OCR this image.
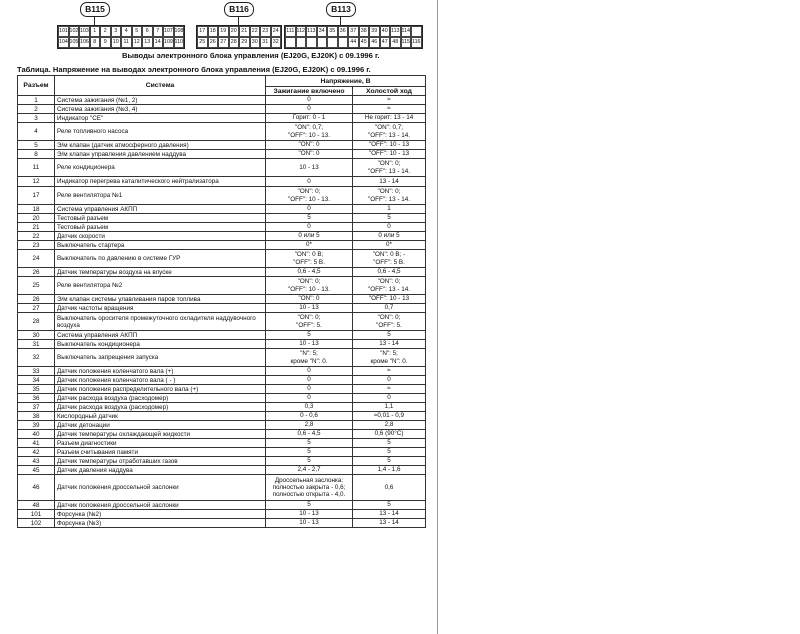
B115
101 102 103 1	2	3	4	5	6	7 107 108
104 105 106 8	9	10 11 12 13 14 109 110
B116
17 18 19 20 21 22 23 24
25 26 27 28 29 30 31 32
B113
111 112 113 34 35 36 37 38 39 40 113 114
44 45 46 47 48 115 116
Выводы электронного блока управления (EJ20G, EJ20K) с 09.1996 г.
Таблица. Напряжение на выводах электронного блока управления (EJ20G, EJ20K) с 09.1996 г.
Разъем	Система	Напряжение, В	
		Зажигание включено	Холостой ход
1	Система зажигания (№1, 2)	0	≈
2	Система зажигания (№3, 4)	0	≈
3	Индикатор "CE"	Горит: 0 - 1	Не горит: 13 - 14
4	Реле топливного насоса	"ON": 0,7;
"OFF": 10 - 13.	"ON": 0,7;
"OFF": 13 - 14.
5	Э/м клапан (датчик атмосферного давления)	"ON": 0	"OFF": 10 - 13
8	Э/м клапан управления давлением наддува	"ON": 0	"OFF": 10 - 13
11	Реле кондиционера	10 - 13	"ON": 0;
"OFF": 13 - 14.
12	Индикатор перегрева каталитического нейтрализатора	0	13 - 14
17	Реле вентилятора №1	"ON": 0;
"OFF": 10 - 13.	"ON": 0;
"OFF": 13 - 14.
18	Система управления АКПП	0	1
20	Тестовый разъем	5	5
21	Тестовый разъем	0	0
22	Датчик скорости	0 или 5	0 или 5
23	Выключатель стартера	0*	0*
24	Выключатель по давлению в системе ГУР	"ON": 0 В;
"OFF": 5 В.	"ON": 0 В; -
"OFF": 5 В.
26	Датчик температуры воздуха на впуске	0,6 - 4,5	0,6 - 4,5
25	Реле вентилятора №2	"ON": 0;
"OFF": 10 - 13.	"ON": 0;
"OFF": 13 - 14.
26	Э/м клапан системы улавливания паров топлива	"ON": 0	"OFF": 10 - 13
27	Датчик частоты вращения	10 - 13	0,7
28	Выключатель оросителя промежуточного охладителя наддувочного воздуха	"ON": 0;
"OFF": 5.	"ON": 0;
"OFF": 5.
30	Система управления АКПП	5	5
31	Выключатель кондиционера	10 - 13	13 - 14
32	Выключатель запрещения запуска	"N": 5;
кроме "N": 0.	"N": 5;
кроме "N": 0.
33	Датчик положения коленчатого вала (+)	0	≈
34	Датчик положения коленчатого вала ( - )	0	0
35	Датчик положения распределительного вала (+)	0	≈
36	Датчик расхода воздуха (расходомер)	0	0
37	Датчик расхода воздуха (расходомер)	0,3	1,1
38	Кислородный датчик	0 - 0,6	≈0,01 - 0,9
39	Датчик детонации	2,8	2,8
40	Датчик температуры охлаждающей жидкости	0,6 - 4,5	0,6 (90°C)
41	Разъем диагностики	5	5
42	Разъем считывания памяти	5	5
43	Датчик температуры отработавших газов	5	5
45	Датчик давления наддува	2,4 - 2,7	1,4 - 1,6
46	Датчик положения дроссельной заслонки	Дроссельная заслонка:
полностью закрыта - 0,6;
полностью открыта - 4,0.	0,6
48	Датчик положения дроссельной заслонки	5	5
101	Форсунка (№2)	10 - 13	13 - 14
102	Форсунка (№3)	10 - 13	13 - 14
